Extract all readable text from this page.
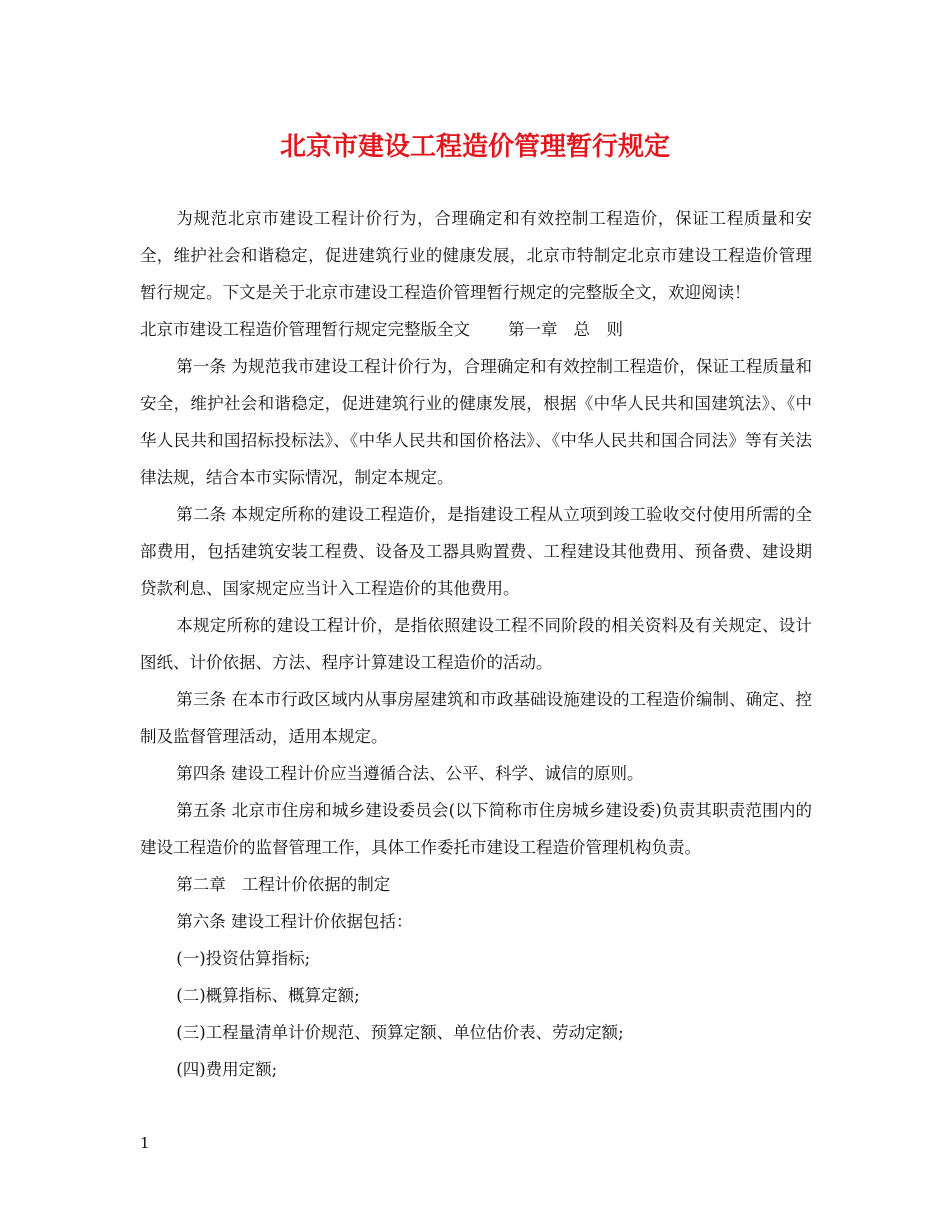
北京市建设工程造价管理暂行规定

为规范北京市建设工程计价行为，合理确定和有效控制工程造价，保证工程质量和安全，维护社会和谐稳定，促进建筑行业的健康发展，北京市特制定北京市建设工程造价管理暂行规定。下文是关于北京市建设工程造价管理暂行规定的完整版全文，欢迎阅读！

北京市建设工程造价管理暂行规定完整版全文 第一章 总　则

第一条 为规范我市建设工程计价行为，合理确定和有效控制工程造价，保证工程质量和安全，维护社会和谐稳定，促进建筑行业的健康发展，根据《中华人民共和国建筑法》、《中华人民共和国招标投标法》、《中华人民共和国价格法》、《中华人民共和国合同法》等有关法律法规，结合本市实际情况，制定本规定。

第二条 本规定所称的建设工程造价，是指建设工程从立项到竣工验收交付使用所需的全部费用，包括建筑安装工程费、设备及工器具购置费、工程建设其他费用、预备费、建设期贷款利息、国家规定应当计入工程造价的其他费用。

本规定所称的建设工程计价，是指依照建设工程不同阶段的相关资料及有关规定、设计图纸、计价依据、方法、程序计算建设工程造价的活动。

第三条 在本市行政区域内从事房屋建筑和市政基础设施建设的工程造价编制、确定、控制及监督管理活动，适用本规定。

第四条 建设工程计价应当遵循合法、公平、科学、诚信的原则。

第五条 北京市住房和城乡建设委员会(以下简称市住房城乡建设委)负责其职责范围内的建设工程造价的监督管理工作，具体工作委托市建设工程造价管理机构负责。

第二章 工程计价依据的制定

第六条 建设工程计价依据包括：

(一)投资估算指标;

(二)概算指标、概算定额;

(三)工程量清单计价规范、预算定额、单位估价表、劳动定额;

(四)费用定额;

1
